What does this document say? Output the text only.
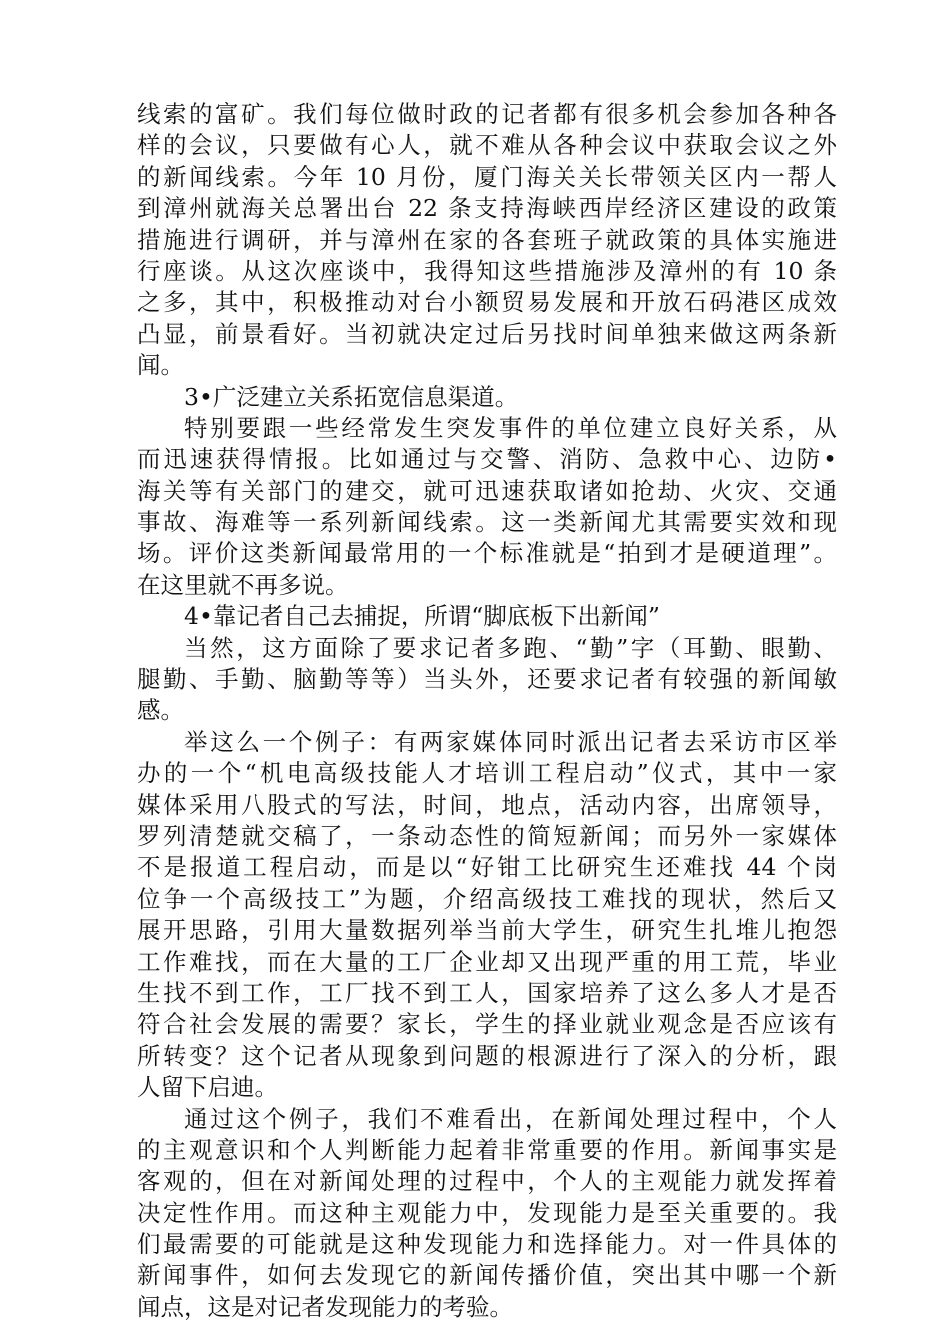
线索的富矿。我们每位做时政的记者都有很多机会参加各种各
样的会议，只要做有心人，就不难从各种会议中获取会议之外
的新闻线索。今年 10 月份，厦门海关关长带领关区内一帮人
到漳州就海关总署出台 22 条支持海峡西岸经济区建设的政策
措施进行调研，并与漳州在家的各套班子就政策的具体实施进
行座谈。从这次座谈中，我得知这些措施涉及漳州的有 10 条
之多，其中，积极推动对台小额贸易发展和开放石码港区成效
凸显，前景看好。当初就决定过后另找时间单独来做这两条新
闻。
3•广泛建立关系拓宽信息渠道。
特别要跟一些经常发生突发事件的单位建立良好关系，从
而迅速获得情报。比如通过与交警、消防、急救中心、边防•
海关等有关部门的建交，就可迅速获取诸如抢劫、火灾、交通
事故、海难等一系列新闻线索。这一类新闻尤其需要实效和现
场。评价这类新闻最常用的一个标准就是“拍到才是硬道理”。
在这里就不再多说。
4•靠记者自己去捕捉，所谓“脚底板下出新闻”
当然，这方面除了要求记者多跑、“勤”字（耳勤、眼勤、
腿勤、手勤、脑勤等等）当头外，还要求记者有较强的新闻敏
感。
举这么一个例子：有两家媒体同时派出记者去采访市区举
办的一个“机电高级技能人才培训工程启动”仪式，其中一家
媒体采用八股式的写法，时间，地点，活动内容，出席领导，
罗列清楚就交稿了，一条动态性的简短新闻；而另外一家媒体
不是报道工程启动，而是以“好钳工比研究生还难找 44 个岗
位争一个高级技工”为题，介绍高级技工难找的现状，然后又
展开思路，引用大量数据列举当前大学生，研究生扎堆儿抱怨
工作难找，而在大量的工厂企业却又出现严重的用工荒，毕业
生找不到工作，工厂找不到工人，国家培养了这么多人才是否
符合社会发展的需要？家长，学生的择业就业观念是否应该有
所转变？这个记者从现象到问题的根源进行了深入的分析，跟
人留下启迪。
通过这个例子，我们不难看出，在新闻处理过程中，个人
的主观意识和个人判断能力起着非常重要的作用。新闻事实是
客观的，但在对新闻处理的过程中，个人的主观能力就发挥着
决定性作用。而这种主观能力中，发现能力是至关重要的。我
们最需要的可能就是这种发现能力和选择能力。对一件具体的
新闻事件，如何去发现它的新闻传播价值，突出其中哪一个新
闻点，这是对记者发现能力的考验。
